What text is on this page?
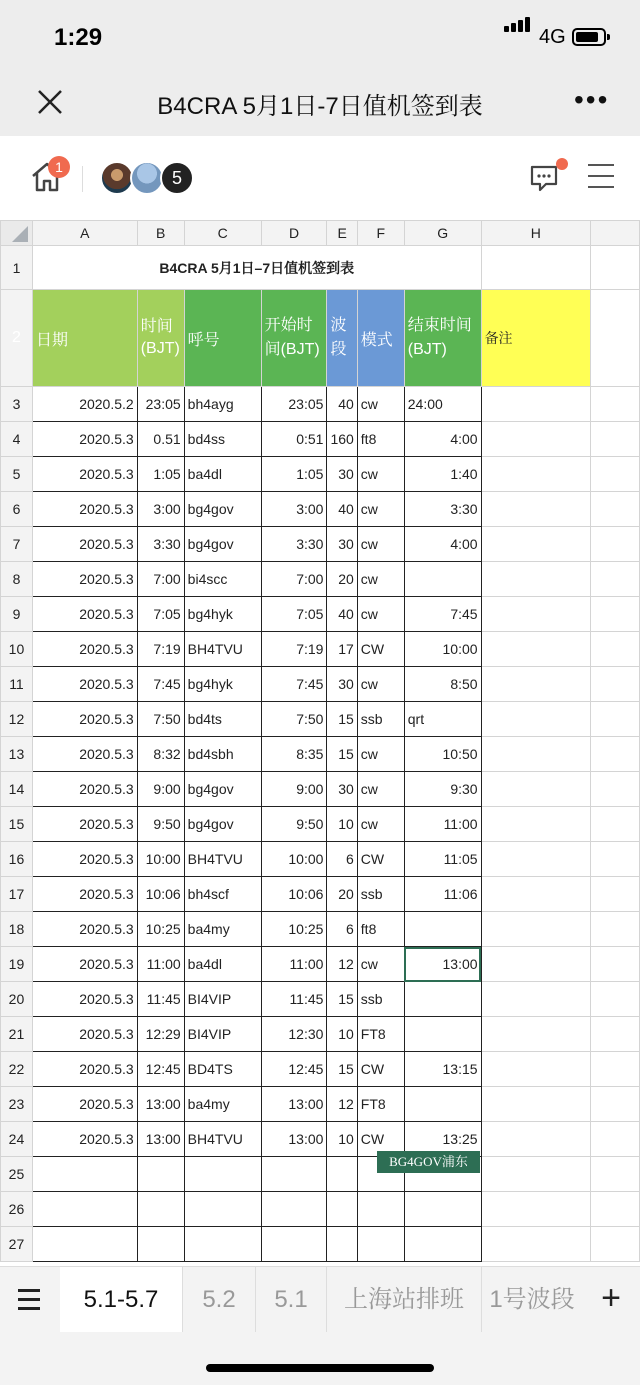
1:29	4G
B4CRA 5月1日-7日值机签到表	•••
1
5
	A	B	C	D	E	F	G	H	
1	B4CRA 5月1日–7日值机签到表								
2	日期	时间(BJT)	呼号	开始时间(BJT)	波段	模式	结束时间(BJT)	备注	
3	2020.5.2	23:05	bh4ayg	23:05	40	cw	24:00		
4	2020.5.3	0.51	bd4ss	0:51	160	ft8	4:00		
5	2020.5.3	1:05	ba4dl	1:05	30	cw	1:40		
6	2020.5.3	3:00	bg4gov	3:00	40	cw	3:30		
7	2020.5.3	3:30	bg4gov	3:30	30	cw	4:00		
8	2020.5.3	7:00	bi4scc	7:00	20	cw			
9	2020.5.3	7:05	bg4hyk	7:05	40	cw	7:45		
10	2020.5.3	7:19	BH4TVU	7:19	17	CW	10:00		
11	2020.5.3	7:45	bg4hyk	7:45	30	cw	8:50		
12	2020.5.3	7:50	bd4ts	7:50	15	ssb	qrt		
13	2020.5.3	8:32	bd4sbh	8:35	15	cw	10:50		
14	2020.5.3	9:00	bg4gov	9:00	30	cw	9:30		
15	2020.5.3	9:50	bg4gov	9:50	10	cw	11:00		
16	2020.5.3	10:00	BH4TVU	10:00	6	CW	11:05		
17	2020.5.3	10:06	bh4scf	10:06	20	ssb	11:06		
18	2020.5.3	10:25	ba4my	10:25	6	ft8			
19	2020.5.3	11:00	ba4dl	11:00	12	cw	13:00		
20	2020.5.3	11:45	BI4VIP	11:45	15	ssb			
21	2020.5.3	12:29	BI4VIP	12:30	10	FT8			
22	2020.5.3	12:45	BD4TS	12:45	15	CW	13:15		
23	2020.5.3	13:00	ba4my	13:00	12	FT8			
24	2020.5.3	13:00	BH4TVU	13:00	10	CW	13:25		
25									
26									
27									
BG4GOV浦东
5.1-5.7	5.2	5.1	上海站排班	1号波段 +
